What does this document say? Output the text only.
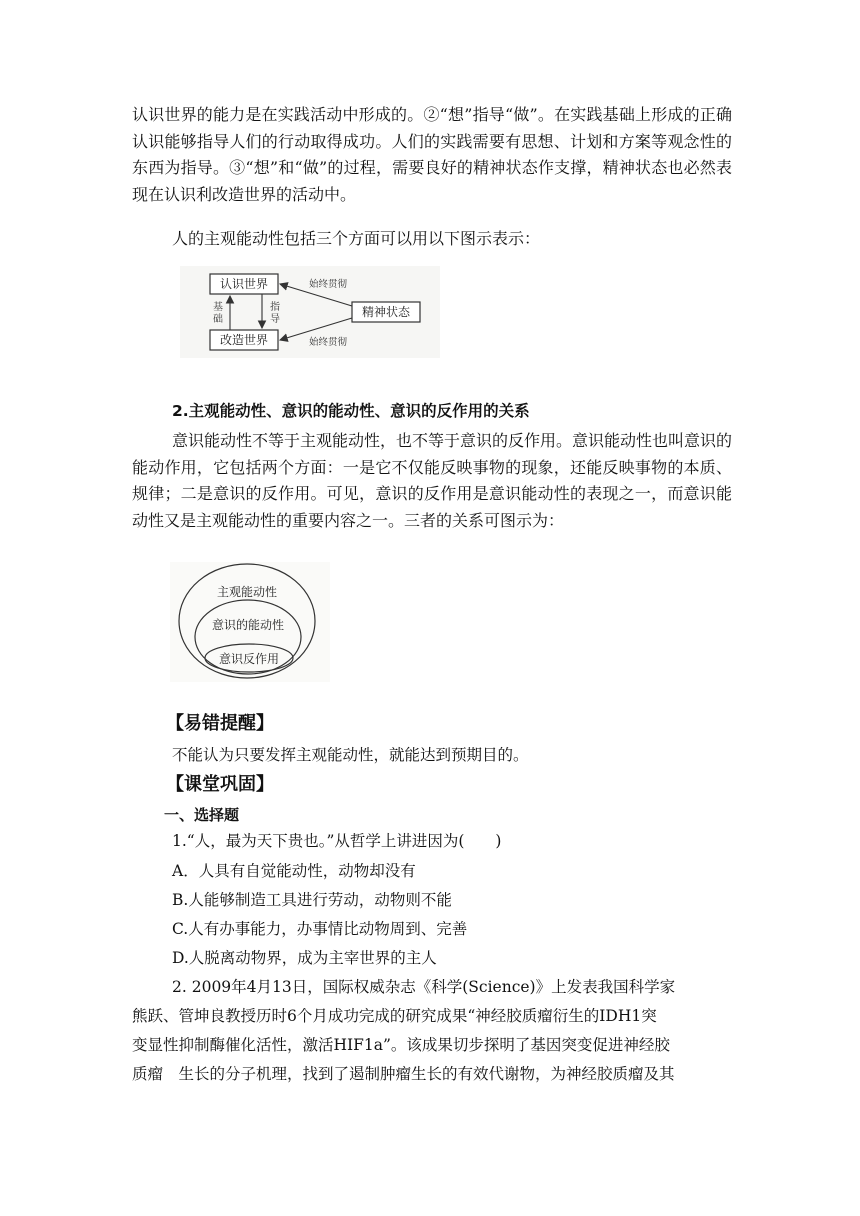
认识世界的能力是在实践活动中形成的。②“想”指导“做”。在实践基础上形成的正确认识能够指导人们的行动取得成功。人们的实践需要有思想、计划和方案等观念性的东西为指导。③“想”和“做”的过程，需要良好的精神状态作支撑，精神状态也必然表现在认识利改造世界的活动中。

人的主观能动性包括三个方面可以用以下图示表示：

认识世界
改造世界
精神状态
基
础
指
导
始终贯彻
始终贯彻
2.主观能动性、意识的能动性、意识的反作用的关系

意识能动性不等于主观能动性，也不等于意识的反作用。意识能动性也叫意识的能动作用，它包括两个方面：一是它不仅能反映事物的现象，还能反映事物的本质、规律；二是意识的反作用。可见，意识的反作用是意识能动性的表现之一，而意识能动性又是主观能动性的重要内容之一。三者的关系可图示为：

主观能动性
意识的能动性
意识反作用
【易错提醒】

不能认为只要发挥主观能动性，就能达到预期目的。

【课堂巩固】
一、选择题

1.“人，最为天下贵也。”从哲学上讲进因为(　　)

A．人具有自觉能动性，动物却没有

B.人能够制造工具进行劳动，动物则不能

C.人有办事能力，办事情比动物周到、完善

D.人脱离动物界，成为主宰世界的主人

2. 2009年4月13日，国际权威杂志《科学(Science)》上发表我国科学家

熊跃、管坤良教授历时6个月成功完成的研究成果“神经胶质瘤衍生的IDH1突

变显性抑制酶催化活性，激活HIF1a”。该成果切步探明了基因突变促进神经胶

质瘤　生长的分子机理，找到了遏制肿瘤生长的有效代谢物，为神经胶质瘤及其
